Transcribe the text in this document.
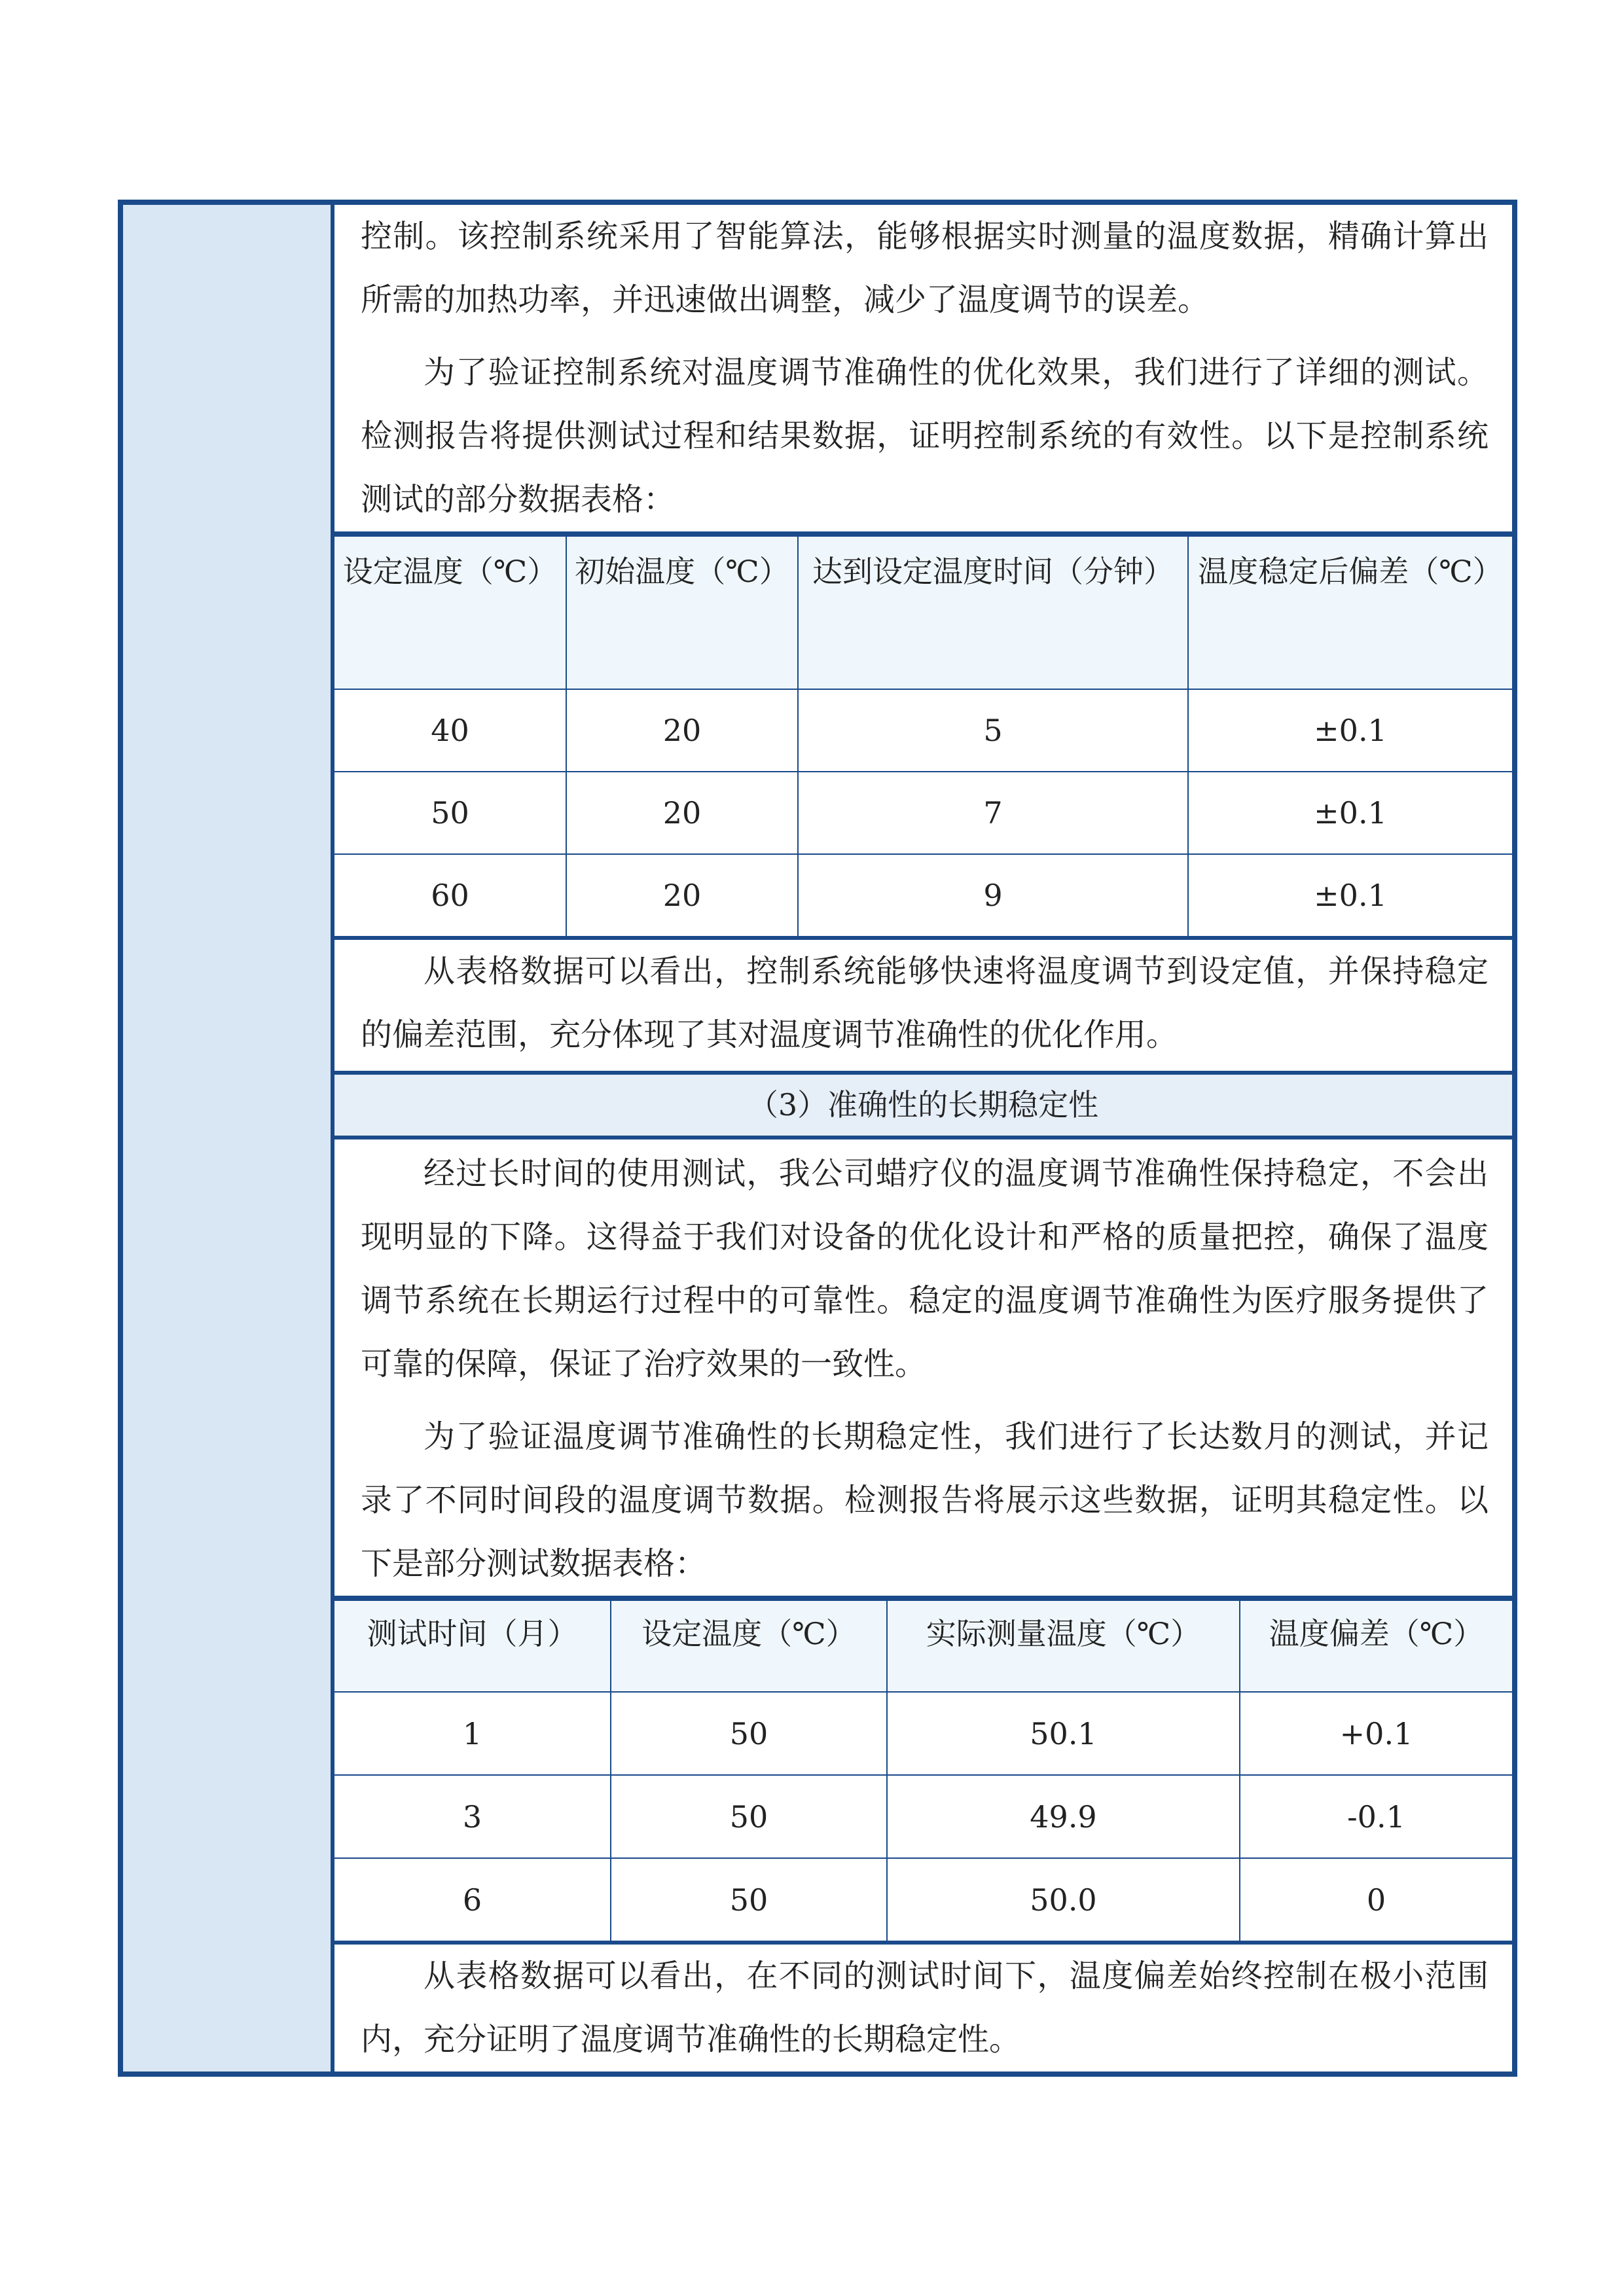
控制。该控制系统采用了智能算法，能够根据实时测量的温度数据，精确计算出所需的加热功率，并迅速做出调整，减少了温度调节的误差。

为了验证控制系统对温度调节准确性的优化效果，我们进行了详细的测试。检测报告将提供测试过程和结果数据，证明控制系统的有效性。以下是控制系统测试的部分数据表格：

设定温度（℃）	初始温度（℃）	达到设定温度时间（分钟）	温度稳定后偏差（℃）
40	20	5	±0.1
50	20	7	±0.1
60	20	9	±0.1

从表格数据可以看出，控制系统能够快速将温度调节到设定值，并保持稳定的偏差范围，充分体现了其对温度调节准确性的优化作用。

（3）准确性的长期稳定性

经过长时间的使用测试，我公司蜡疗仪的温度调节准确性保持稳定，不会出现明显的下降。这得益于我们对设备的优化设计和严格的质量把控，确保了温度调节系统在长期运行过程中的可靠性。稳定的温度调节准确性为医疗服务提供了可靠的保障，保证了治疗效果的一致性。

为了验证温度调节准确性的长期稳定性，我们进行了长达数月的测试，并记录了不同时间段的温度调节数据。检测报告将展示这些数据，证明其稳定性。以下是部分测试数据表格：

测试时间（月）	设定温度（℃）	实际测量温度（℃）	温度偏差（℃）
1	50	50.1	+0.1
3	50	49.9	-0.1
6	50	50.0	0

从表格数据可以看出，在不同的测试时间下，温度偏差始终控制在极小范围内，充分证明了温度调节准确性的长期稳定性。
